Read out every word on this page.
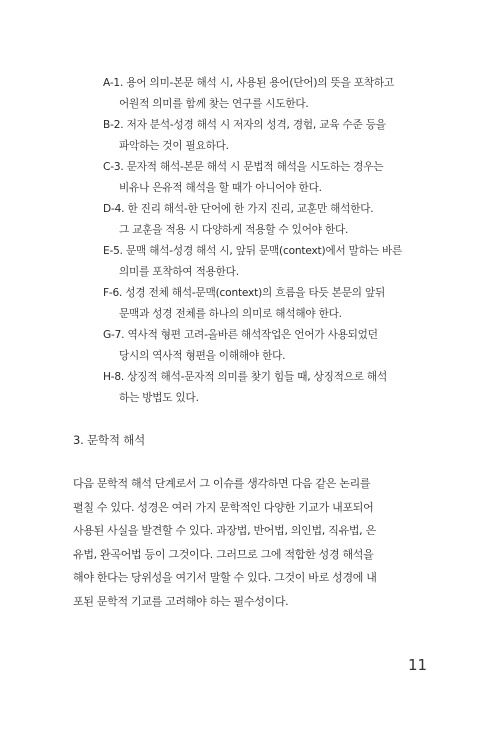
A-1. 용어 의미-본문 해석 시, 사용된 용어(단어)의 뜻을 포착하고

어원적 의미를 함께 찾는 연구를 시도한다.

B-2. 저자 분석-성경 해석 시 저자의 성격, 경험, 교육 수준 등을

파악하는 것이 필요하다.

C-3. 문자적 해석-본문 해석 시 문법적 해석을 시도하는 경우는

비유나 은유적 해석을 할 때가 아니어야 한다.

D-4. 한 진리 해석-한 단어에 한 가지 진리, 교훈만 해석한다.

그 교훈을 적용 시 다양하게 적용할 수 있어야 한다.

E-5. 문맥 해석-성경 해석 시, 앞뒤 문맥(context)에서 말하는 바른

의미를 포착하여 적용한다.

F-6. 성경 전체 해석-문맥(context)의 흐름을 타듯 본문의 앞뒤

문맥과 성경 전체를 하나의 의미로 해석해야 한다.

G-7. 역사적 형편 고려-올바른 해석작업은 언어가 사용되었던

당시의 역사적 형편을 이해해야 한다.

H-8. 상징적 해석-문자적 의미를 찾기 힘들 때, 상징적으로 해석

하는 방법도 있다.

3. 문학적 해석

다음 문학적 해석 단계로서 그 이슈를 생각하면 다음 같은 논리를

펼칠 수 있다. 성경은 여러 가지 문학적인 다양한 기교가 내포되어

사용된 사실을 발견할 수 있다. 과장법, 반어법, 의인법, 직유법, 은

유법, 완곡어법 등이 그것이다. 그러므로 그에 적합한 성경 해석을

해야 한다는 당위성을 여기서 말할 수 있다. 그것이 바로 성경에 내

포된 문학적 기교를 고려해야 하는 필수성이다.

11
